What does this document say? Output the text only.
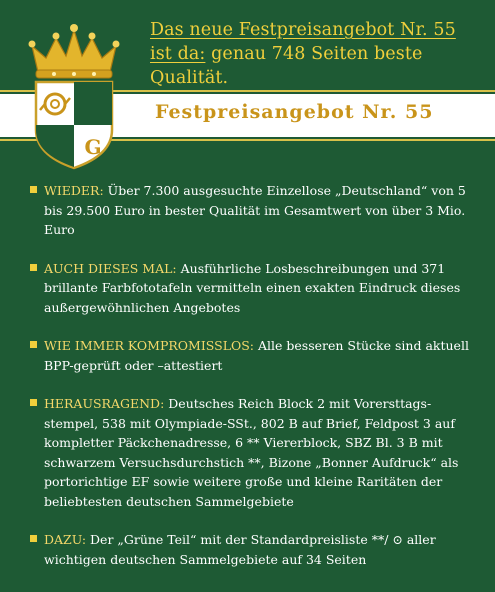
Das neue Festpreisangebot Nr. 55
ist da: genau 748 Seiten beste Qualität.
Festpreisangebot Nr. 55
G
WIEDER: Über 7.300 ausgesuchte Einzellose „Deutschland“ von 5 bis 29.500 Euro in bester Qualität im Gesamtwert von über 3 Mio. Euro
AUCH DIESES MAL: Ausführliche Losbeschreibungen und 371 brillante Farbfototafeln vermitteln einen exakten Eindruck dieses außergewöhnlichen Angebotes
WIE IMMER KOMPROMISSLOS: Alle besseren Stücke sind aktuell BPP-geprüft oder –attestiert
HERAUSRAGEND: Deutsches Reich Block 2 mit Vorersttags-stempel, 538 mit Olympiade-SSt., 802 B auf Brief, Feldpost 3 auf kompletter Päckchenadresse, 6 ** Viererblock, SBZ Bl. 3 B mit schwarzem Versuchsdurchstich **, Bizone „Bonner Aufdruck“ als portorichtige EF sowie weitere große und kleine Raritäten der beliebtesten deutschen Sammelgebiete
DAZU: Der „Grüne Teil“ mit der Standardpreisliste **/ ⊙ aller wichtigen deutschen Sammelgebiete auf 34 Seiten
